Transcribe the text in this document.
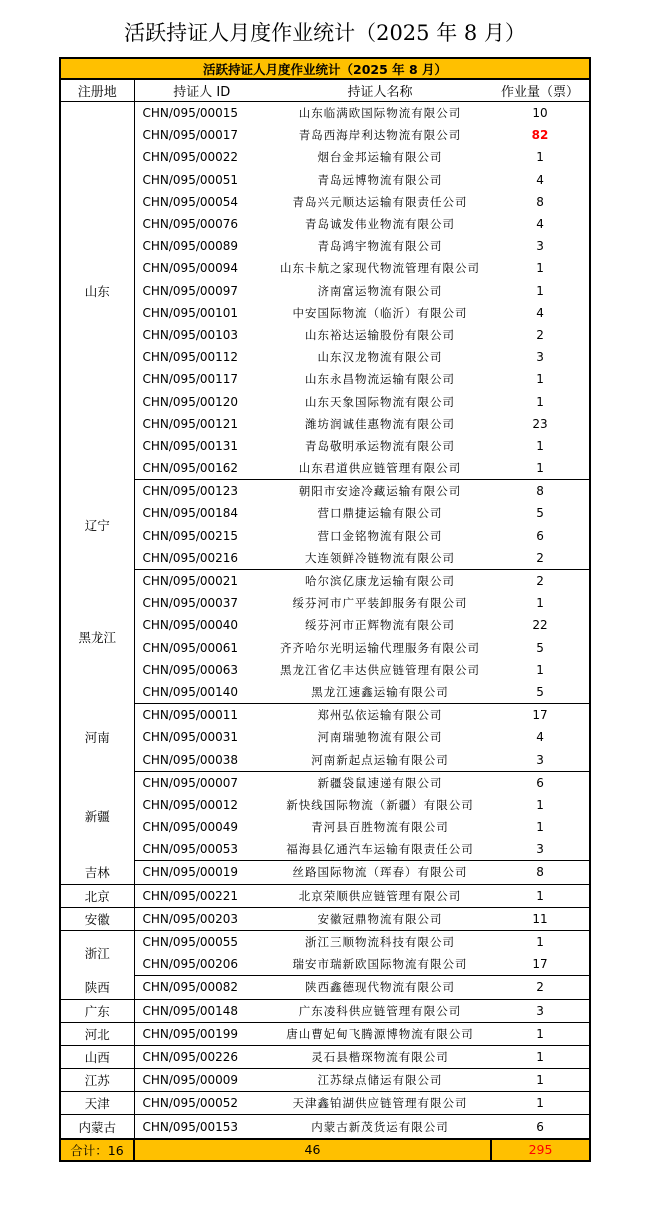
活跃持证人月度作业统计（2025 年 8 月）
活跃持证人月度作业统计（2025 年 8 月）			
注册地	持证人 ID	持证人名称	作业量（票）
山东	CHN/095/00015	山东临满欧国际物流有限公司	10
	CHN/095/00017	青岛西海岸利达物流有限公司	82
	CHN/095/00022	烟台金邦运输有限公司	1
	CHN/095/00051	青岛远博物流有限公司	4
	CHN/095/00054	青岛兴元顺达运输有限责任公司	8
	CHN/095/00076	青岛诚发伟业物流有限公司	4
	CHN/095/00089	青岛鸿宇物流有限公司	3
	CHN/095/00094	山东卡航之家现代物流管理有限公司	1
	CHN/095/00097	济南富运物流有限公司	1
	CHN/095/00101	中安国际物流（临沂）有限公司	4
	CHN/095/00103	山东裕达运输股份有限公司	2
	CHN/095/00112	山东汉龙物流有限公司	3
	CHN/095/00117	山东永昌物流运输有限公司	1
	CHN/095/00120	山东天象国际物流有限公司	1
	CHN/095/00121	潍坊润诚佳惠物流有限公司	23
	CHN/095/00131	青岛敬明承运物流有限公司	1
	CHN/095/00162	山东君道供应链管理有限公司	1
辽宁	CHN/095/00123	朝阳市安途冷藏运输有限公司	8
	CHN/095/00184	营口鼎捷运输有限公司	5
	CHN/095/00215	营口金铭物流有限公司	6
	CHN/095/00216	大连领鲜冷链物流有限公司	2
黑龙江	CHN/095/00021	哈尔滨亿康龙运输有限公司	2
	CHN/095/00037	绥芬河市广平装卸服务有限公司	1
	CHN/095/00040	绥芬河市正辉物流有限公司	22
	CHN/095/00061	齐齐哈尔光明运输代理服务有限公司	5
	CHN/095/00063	黑龙江省亿丰达供应链管理有限公司	1
	CHN/095/00140	黑龙江速鑫运输有限公司	5
河南	CHN/095/00011	郑州弘依运输有限公司	17
	CHN/095/00031	河南瑞驰物流有限公司	4
	CHN/095/00038	河南新起点运输有限公司	3
新疆	CHN/095/00007	新疆袋鼠速递有限公司	6
	CHN/095/00012	新快线国际物流（新疆）有限公司	1
	CHN/095/00049	青河县百胜物流有限公司	1
	CHN/095/00053	福海县亿通汽车运输有限责任公司	3
吉林	CHN/095/00019	丝路国际物流（珲春）有限公司	8
北京	CHN/095/00221	北京荣顺供应链管理有限公司	1
安徽	CHN/095/00203	安徽冠鼎物流有限公司	11
浙江	CHN/095/00055	浙江三顺物流科技有限公司	1
	CHN/095/00206	瑞安市瑞新欧国际物流有限公司	17
陕西	CHN/095/00082	陕西鑫德现代物流有限公司	2
广东	CHN/095/00148	广东凌科供应链管理有限公司	3
河北	CHN/095/00199	唐山曹妃甸飞腾源博物流有限公司	1
山西	CHN/095/00226	灵石县楷琛物流有限公司	1
江苏	CHN/095/00009	江苏绿点储运有限公司	1
天津	CHN/095/00052	天津鑫铂湖供应链管理有限公司	1
内蒙古	CHN/095/00153	内蒙古新茂货运有限公司	6
合计：16	46		295
